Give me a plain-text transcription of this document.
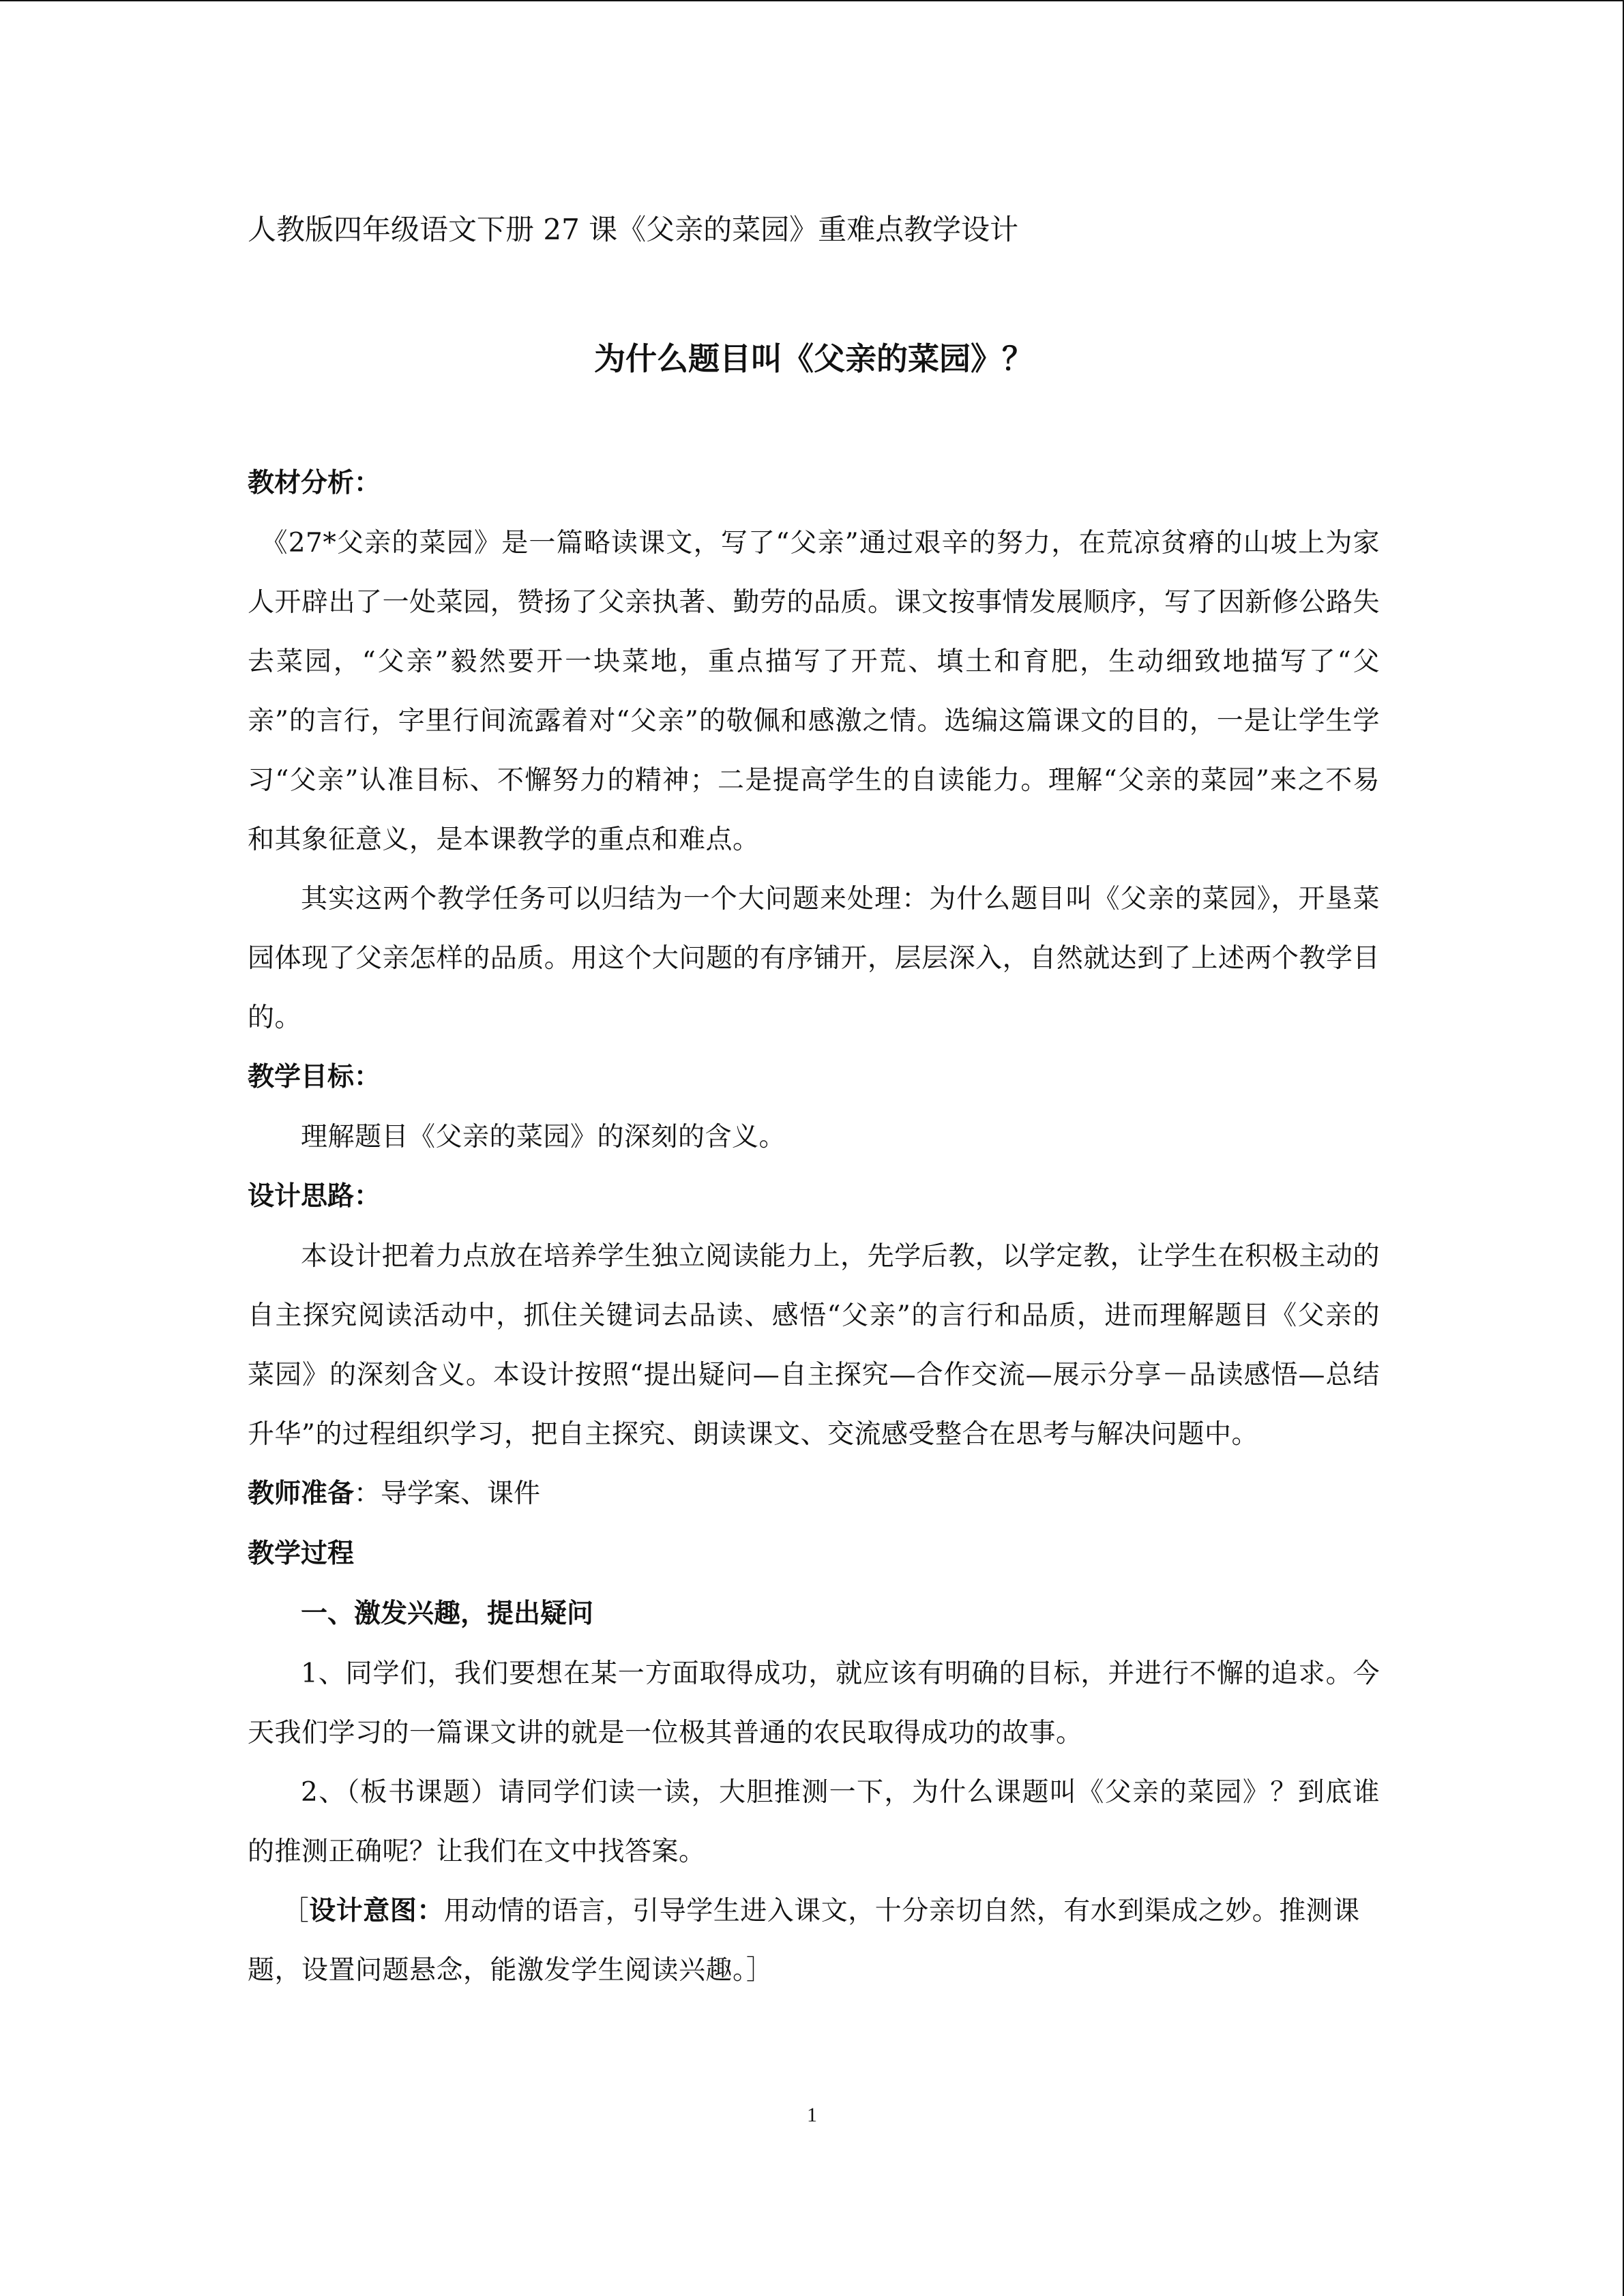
人教版四年级语文下册 27 课《父亲的菜园》重难点教学设计

为什么题目叫《父亲的菜园》？

教材分析：

《27*父亲的菜园》是一篇略读课文，写了“父亲”通过艰辛的努力，在荒凉贫瘠的山坡上为家人开辟出了一处菜园，赞扬了父亲执著、勤劳的品质。课文按事情发展顺序，写了因新修公路失去菜园，“父亲”毅然要开一块菜地，重点描写了开荒、填土和育肥，生动细致地描写了“父亲”的言行，字里行间流露着对“父亲”的敬佩和感激之情。选编这篇课文的目的，一是让学生学习“父亲”认准目标、不懈努力的精神；二是提高学生的自读能力。理解“父亲的菜园”来之不易和其象征意义，是本课教学的重点和难点。

其实这两个教学任务可以归结为一个大问题来处理：为什么题目叫《父亲的菜园》，开垦菜园体现了父亲怎样的品质。用这个大问题的有序铺开，层层深入，自然就达到了上述两个教学目的。

教学目标：

理解题目《父亲的菜园》的深刻的含义。

设计思路：

本设计把着力点放在培养学生独立阅读能力上，先学后教，以学定教，让学生在积极主动的自主探究阅读活动中，抓住关键词去品读、感悟“父亲”的言行和品质，进而理解题目《父亲的菜园》的深刻含义。本设计按照“提出疑问—自主探究—合作交流—展示分享－品读感悟—总结升华”的过程组织学习，把自主探究、朗读课文、交流感受整合在思考与解决问题中。

教师准备：导学案、课件

教学过程

一、激发兴趣，提出疑问

1、同学们，我们要想在某一方面取得成功，就应该有明确的目标，并进行不懈的追求。今天我们学习的一篇课文讲的就是一位极其普通的农民取得成功的故事。

2、（板书课题）请同学们读一读，大胆推测一下，为什么课题叫《父亲的菜园》？到底谁的推测正确呢？让我们在文中找答案。

［设计意图：用动情的语言，引导学生进入课文，十分亲切自然，有水到渠成之妙。推测课题，设置问题悬念，能激发学生阅读兴趣。］

1
